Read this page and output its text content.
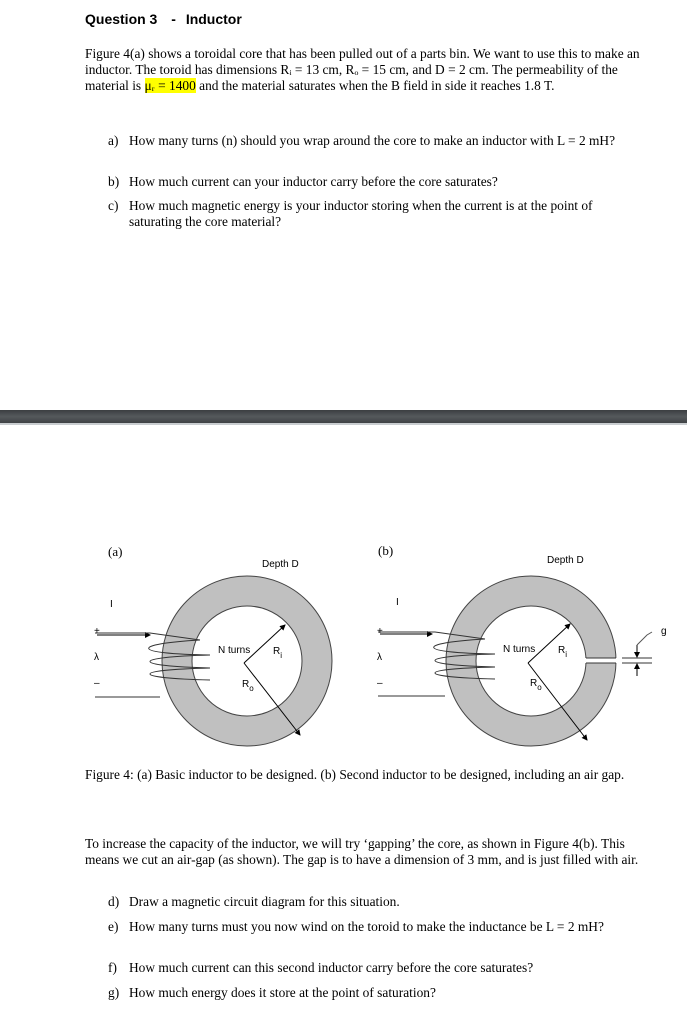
Question 3 - Inductor
Figure 4(a) shows a toroidal core that has been pulled out of a parts bin. We want to use this to make an inductor. The toroid has dimensions Rᵢ = 13 cm, Rₒ = 15 cm, and D = 2 cm. The permeability of the material is μᵣ = 1400 and the material saturates when the B field in side it reaches 1.8 T.
a) How many turns (n) should you wrap around the core to make an inductor with L = 2 mH?
b) How much current can your inductor carry before the core saturates?
c) How much magnetic energy is your inductor storing when the current is at the point of saturating the core material?
(a)	(b)
Depth D	Depth D
I	I
+	+
λ	λ
–	–
N turns	N turns
$R_i$	$R_i$
$R_o$	$R_o$
g
Figure 4: (a) Basic inductor to be designed. (b) Second inductor to be designed, including an air gap.
To increase the capacity of the inductor, we will try ‘gapping’ the core, as shown in Figure 4(b). This means we cut an air-gap (as shown). The gap is to have a dimension of 3 mm, and is just filled with air.
d) Draw a magnetic circuit diagram for this situation.
e) How many turns must you now wind on the toroid to make the inductance be L = 2 mH?
f) How much current can this second inductor carry before the core saturates?
g) How much energy does it store at the point of saturation?
